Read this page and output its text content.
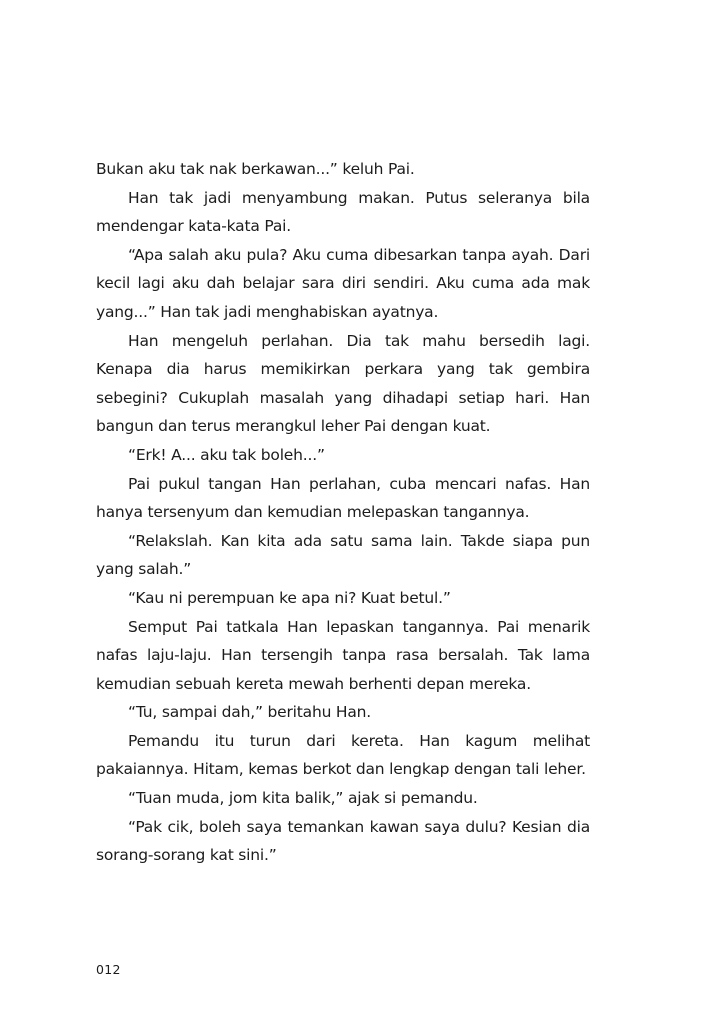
Bukan aku tak nak berkawan...” keluh Pai.

Han tak jadi menyambung makan. Putus seleranya bila mendengar kata-kata Pai.

“Apa salah aku pula? Aku cuma dibesarkan tanpa ayah. Dari kecil lagi aku dah belajar sara diri sendiri. Aku cuma ada mak yang...” Han tak jadi menghabiskan ayatnya.

Han mengeluh perlahan. Dia tak mahu bersedih lagi. Kenapa dia harus memikirkan perkara yang tak gembira sebegini? Cukuplah masalah yang dihadapi setiap hari. Han bangun dan terus merangkul leher Pai dengan kuat.

“Erk! A... aku tak boleh...”

Pai pukul tangan Han perlahan, cuba mencari nafas. Han hanya tersenyum dan kemudian melepaskan tangannya.

“Relakslah. Kan kita ada satu sama lain. Takde siapa pun yang salah.”

“Kau ni perempuan ke apa ni? Kuat betul.”

Semput Pai tatkala Han lepaskan tangannya. Pai menarik nafas laju-laju. Han tersengih tanpa rasa bersalah. Tak lama kemudian sebuah kereta mewah berhenti depan mereka.

“Tu, sampai dah,” beritahu Han.

Pemandu itu turun dari kereta. Han kagum melihat pakaiannya. Hitam, kemas berkot dan lengkap dengan tali leher.

“Tuan muda, jom kita balik,” ajak si pemandu.

“Pak cik, boleh saya temankan kawan saya dulu? Kesian dia sorang-sorang kat sini.”

012
